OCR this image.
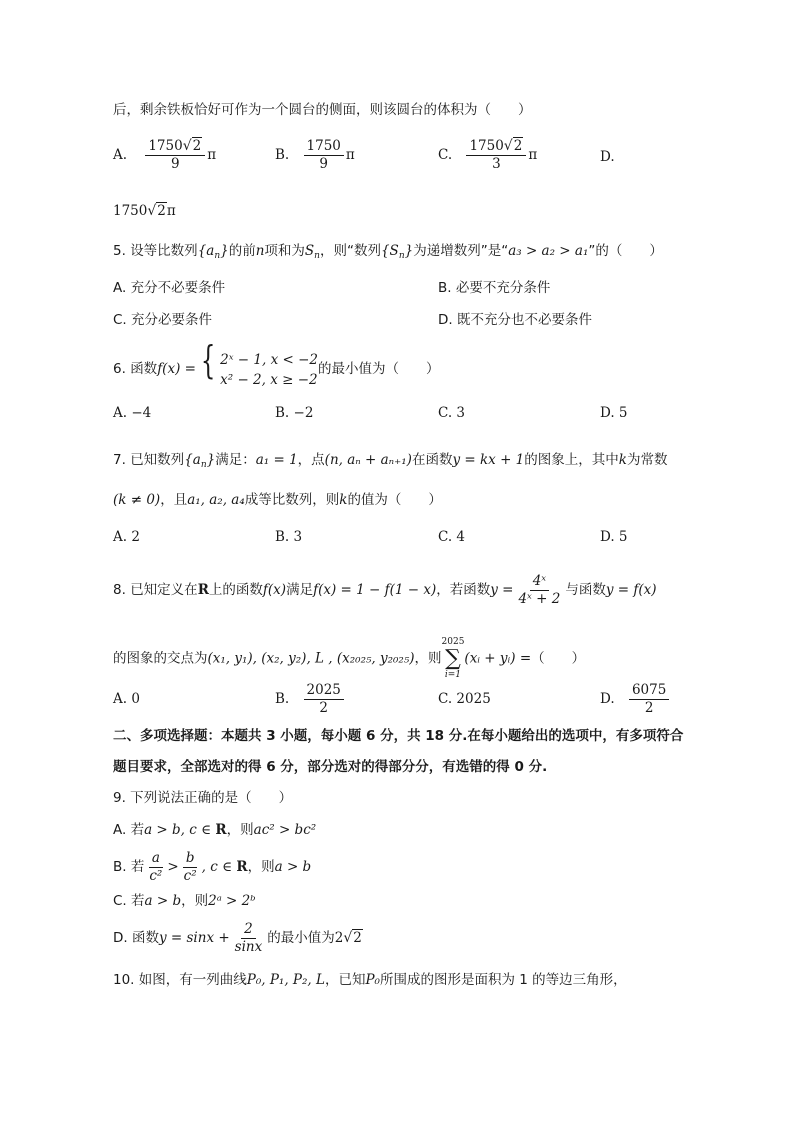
后，剩余铁板恰好可作为一个圆台的侧面，则该圆台的体积为（　　）
A. $\frac{1750√2}{9}$ π	B. $\frac{1750}{9}$ π	C. $\frac{1750√2}{3}$ π	D.
1750√2π
5. 设等比数列$\{a_n\}$的前n项和为$S_n$，则“数列$\{S_n\}$为递增数列”是“a₃ > a₂ > a₁”的（　　）
A. 充分不必要条件	B. 必要不充分条件
C. 充分必要条件	D. 既不充分也不必要条件
6. 函数f(x) = { 2ˣ − 1, x < −2
x² − 2, x ≥ −2
的最小值为（　　）
A. −4	B. −2	C. 3	D. 5
7. 已知数列$\{a_n\}$满足：a₁ = 1，点(n, aₙ + aₙ₊₁)在函数y = kx + 1的图象上，其中k为常数
(k ≠ 0)，且a₁, a₂, a₄成等比数列，则k的值为（　　）
A. 2	B. 3	C. 4	D. 5
8. 已知定义在R上的函数f(x)满足f(x) = 1 − f(1 − x)，若函数$y = \frac{\text{4ˣ}}{\text{4ˣ + 2}}$ 与函数y = f(x)
的图象的交点为(x₁, y₁), (x₂, y₂), L , (x₂₀₂₅, y₂₀₂₅)，则
2025
∑
i=1
(xᵢ + yᵢ) =（　　）
A. 0	B. $\frac{2025}{2}$	C. 2025	D. $\frac{6075}{2}$
二、多项选择题：本题共 3 小题，每小题 6 分，共 18 分.在每小题给出的选项中，有多项符合
题目要求，全部选对的得 6 分，部分选对的得部分分，有选错的得 0 分.
9. 下列说法正确的是（　　）
A. 若a > b, c ∈ R，则ac² > bc²
B. 若 $\frac{a}{\text{c²}} > \frac{b}{\text{c²}}$ , c ∈ R，则a > b
C. 若a > b，则2ᵃ > 2ᵇ
D. 函数$y = \sin x + \frac{2}{\sin x}$ 的最小值为2√2
10. 如图，有一列曲线P₀, P₁, P₂, L，已知P₀所围成的图形是面积为 1 的等边三角形，
